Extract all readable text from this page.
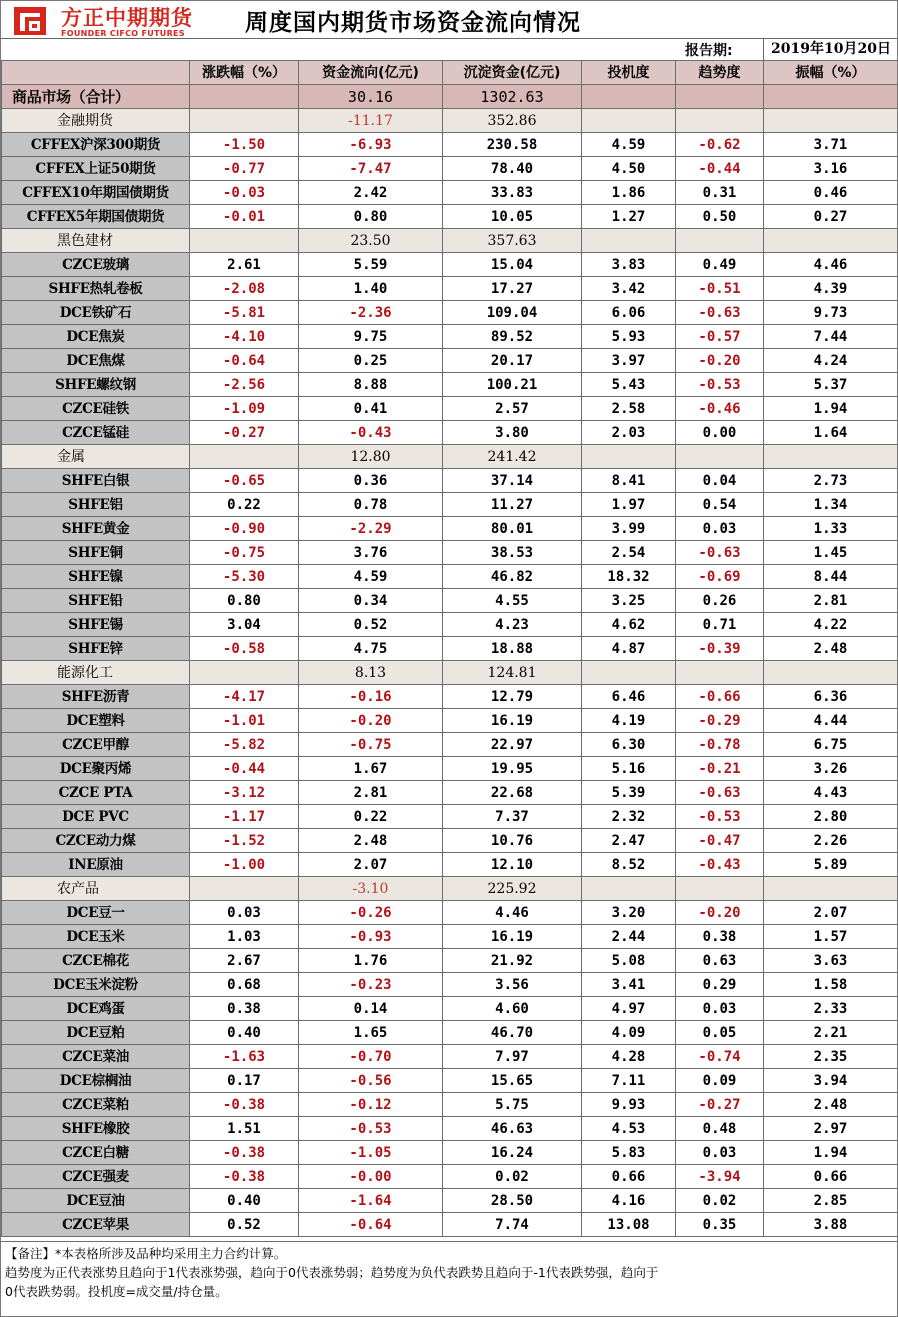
方正中期期货
FOUNDER CIFCO FUTURES	周度国内期货市场资金流向情况
报告期:	2019年10月20日
	涨跌幅（%）	资金流向(亿元)	沉淀资金(亿元)	投机度	趋势度	振幅（%）
商品市场（合计）		30.16	1302.63			
金融期货		-11.17	352.86			
CFFEX沪深300期货	-1.50	-6.93	230.58	4.59	-0.62	3.71
CFFEX上证50期货	-0.77	-7.47	78.40	4.50	-0.44	3.16
CFFEX10年期国债期货	-0.03	2.42	33.83	1.86	0.31	0.46
CFFEX5年期国债期货	-0.01	0.80	10.05	1.27	0.50	0.27
黑色建材		23.50	357.63			
CZCE玻璃	2.61	5.59	15.04	3.83	0.49	4.46
SHFE热轧卷板	-2.08	1.40	17.27	3.42	-0.51	4.39
DCE铁矿石	-5.81	-2.36	109.04	6.06	-0.63	9.73
DCE焦炭	-4.10	9.75	89.52	5.93	-0.57	7.44
DCE焦煤	-0.64	0.25	20.17	3.97	-0.20	4.24
SHFE螺纹钢	-2.56	8.88	100.21	5.43	-0.53	5.37
CZCE硅铁	-1.09	0.41	2.57	2.58	-0.46	1.94
CZCE锰硅	-0.27	-0.43	3.80	2.03	0.00	1.64
金属		12.80	241.42			
SHFE白银	-0.65	0.36	37.14	8.41	0.04	2.73
SHFE铝	0.22	0.78	11.27	1.97	0.54	1.34
SHFE黄金	-0.90	-2.29	80.01	3.99	0.03	1.33
SHFE铜	-0.75	3.76	38.53	2.54	-0.63	1.45
SHFE镍	-5.30	4.59	46.82	18.32	-0.69	8.44
SHFE铅	0.80	0.34	4.55	3.25	0.26	2.81
SHFE锡	3.04	0.52	4.23	4.62	0.71	4.22
SHFE锌	-0.58	4.75	18.88	4.87	-0.39	2.48
能源化工		8.13	124.81			
SHFE沥青	-4.17	-0.16	12.79	6.46	-0.66	6.36
DCE塑料	-1.01	-0.20	16.19	4.19	-0.29	4.44
CZCE甲醇	-5.82	-0.75	22.97	6.30	-0.78	6.75
DCE聚丙烯	-0.44	1.67	19.95	5.16	-0.21	3.26
CZCE PTA	-3.12	2.81	22.68	5.39	-0.63	4.43
DCE PVC	-1.17	0.22	7.37	2.32	-0.53	2.80
CZCE动力煤	-1.52	2.48	10.76	2.47	-0.47	2.26
INE原油	-1.00	2.07	12.10	8.52	-0.43	5.89
农产品		-3.10	225.92			
DCE豆一	0.03	-0.26	4.46	3.20	-0.20	2.07
DCE玉米	1.03	-0.93	16.19	2.44	0.38	1.57
CZCE棉花	2.67	1.76	21.92	5.08	0.63	3.63
DCE玉米淀粉	0.68	-0.23	3.56	3.41	0.29	1.58
DCE鸡蛋	0.38	0.14	4.60	4.97	0.03	2.33
DCE豆粕	0.40	1.65	46.70	4.09	0.05	2.21
CZCE菜油	-1.63	-0.70	7.97	4.28	-0.74	2.35
DCE棕榈油	0.17	-0.56	15.65	7.11	0.09	3.94
CZCE菜粕	-0.38	-0.12	5.75	9.93	-0.27	2.48
SHFE橡胶	1.51	-0.53	46.63	4.53	0.48	2.97
CZCE白糖	-0.38	-1.05	16.24	5.83	0.03	1.94
CZCE强麦	-0.38	-0.00	0.02	0.66	-3.94	0.66
DCE豆油	0.40	-1.64	28.50	4.16	0.02	2.85
CZCE苹果	0.52	-0.64	7.74	13.08	0.35	3.88
【备注】*本表格所涉及品种均采用主力合约计算。
趋势度为正代表涨势且趋向于1代表涨势强，趋向于0代表涨势弱；趋势度为负代表跌势且趋向于-1代表跌势强，趋向于
0代表跌势弱。投机度=成交量/持仓量。
